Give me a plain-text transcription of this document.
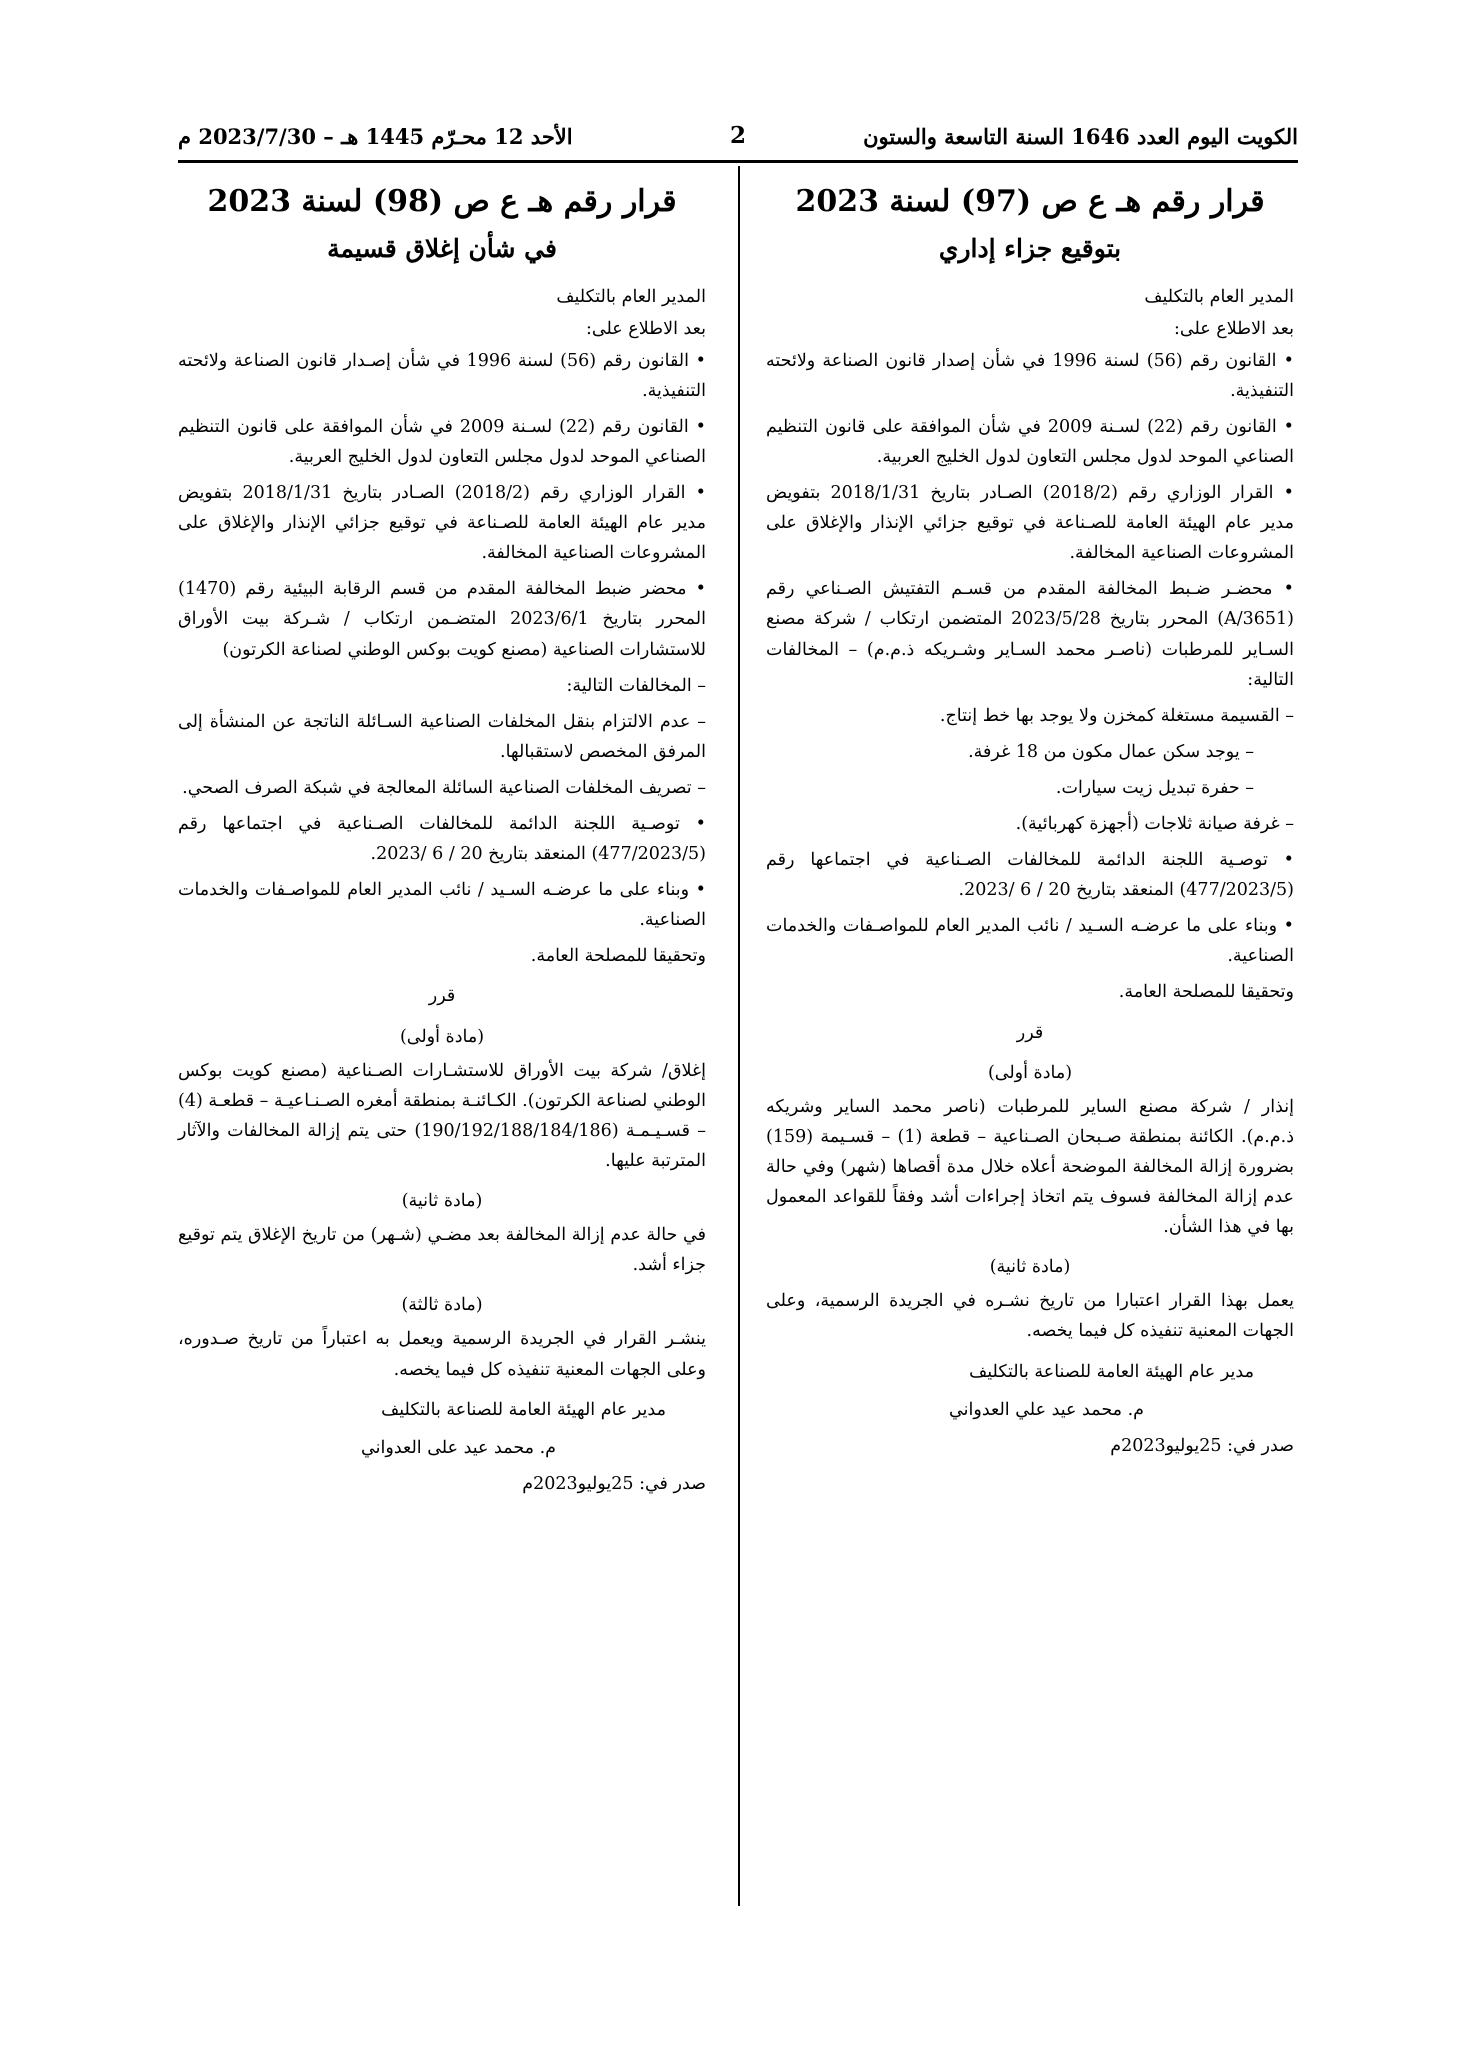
الكويت اليوم العدد 1646 السنة التاسعة والستون
2
الأحد 12 محـرّم 1445 هـ – 2023/7/30 م
قرار رقم هـ ع ص (97) لسنة 2023
بتوقيع جزاء إداري
المدير العام بالتكليف
بعد الاطلاع على:
• القانون رقم (56) لسنة 1996 في شأن إصدار قانون الصناعة ولائحته التنفيذية.
• القانون رقم (22) لسـنة 2009 في شأن الموافقة على قانون التنظيم الصناعي الموحد لدول مجلس التعاون لدول الخليج العربية.
• القرار الوزاري رقم (2018/2) الصـادر بتاريخ 2018/1/31 بتفويض مدير عام الهيئة العامة للصـناعة في توقيع جزائي الإنذار والإغلاق على المشروعات الصناعية المخالفة.
• محضـر ضـبط المخالفة المقدم من قسـم التفتيش الصـناعي رقم (A/3651) المحرر بتاريخ 2023/5/28 المتضمن ارتكاب / شركة مصنع السـاير للمرطبات (ناصـر محمد السـاير وشـريكه ذ.م.م) – المخالفات التالية:
– القسيمة مستغلة كمخزن ولا يوجد بها خط إنتاج.
– يوجد سكن عمال مكون من 18 غرفة.
– حفرة تبديل زيت سيارات.
– غرفة صيانة ثلاجات (أجهزة كهربائية).
• توصـية اللجنة الدائمة للمخالفات الصـناعية في اجتماعها رقم (477/2023/5) المنعقد بتاريخ 20 / 6 /2023.
• وبناء على ما عرضـه السـيد / نائب المدير العام للمواصـفات والخدمات الصناعية.
وتحقيقا للمصلحة العامة.
قرر
(مادة أولى)
إنذار / شركة مصنع الساير للمرطبات (ناصر محمد الساير وشريكه ذ.م.م). الكائنة بمنطقة صـبحان الصـناعية – قطعة (1) – قسـيمة (159) بضرورة إزالة المخالفة الموضحة أعلاه خلال مدة أقصاها (شهر) وفي حالة عدم إزالة المخالفة فسوف يتم اتخاذ إجراءات أشد وفقاً للقواعد المعمول بها في هذا الشأن.
(مادة ثانية)
يعمل بهذا القرار اعتبارا من تاريخ نشـره في الجريدة الرسمية، وعلى الجهات المعنية تنفيذه كل فيما يخصه.
مدير عام الهيئة العامة للصناعة بالتكليف
م. محمد عيد علي العدواني
صدر في: 25يوليو2023م
قرار رقم هـ ع ص (98) لسنة 2023
في شأن إغلاق قسيمة
المدير العام بالتكليف
بعد الاطلاع على:
• القانون رقم (56) لسنة 1996 في شأن إصـدار قانون الصناعة ولائحته التنفيذية.
• القانون رقم (22) لسـنة 2009 في شأن الموافقة على قانون التنظيم الصناعي الموحد لدول مجلس التعاون لدول الخليج العربية.
• القرار الوزاري رقم (2018/2) الصـادر بتاريخ 2018/1/31 بتفويض مدير عام الهيئة العامة للصـناعة في توقيع جزائي الإنذار والإغلاق على المشروعات الصناعية المخالفة.
• محضر ضبط المخالفة المقدم من قسم الرقابة البيئية رقم (1470) المحرر بتاريخ 2023/6/1 المتضـمن ارتكاب / شـركة بيت الأوراق للاستشارات الصناعية (مصنع كويت بوكس الوطني لصناعة الكرتون)
– المخالفات التالية:
– عدم الالتزام بنقل المخلفات الصناعية السـائلة الناتجة عن المنشأة إلى المرفق المخصص لاستقبالها.
– تصريف المخلفات الصناعية السائلة المعالجة في شبكة الصرف الصحي.
• توصـية اللجنة الدائمة للمخالفات الصـناعية في اجتماعها رقم (477/2023/5) المنعقد بتاريخ 20 / 6 /2023.
• وبناء على ما عرضـه السـيد / نائب المدير العام للمواصـفات والخدمات الصناعية.
وتحقيقا للمصلحة العامة.
قرر
(مادة أولى)
إغلاق/ شركة بيت الأوراق للاستشـارات الصـناعية (مصنع كويت بوكس الوطني لصناعة الكرتون). الكـائنـة بمنطقة أمغره الصـنـاعيـة – قطعـة (4) – قسـيـمـة (190/192/188/184/186) حتى يتم إزالة المخالفات والآثار المترتبة عليها.
(مادة ثانية)
في حالة عدم إزالة المخالفة بعد مضـي (شـهر) من تاريخ الإغلاق يتم توقيع جزاء أشد.
(مادة ثالثة)
ينشـر القرار في الجريدة الرسمية ويعمل به اعتباراً من تاريخ صـدوره، وعلى الجهات المعنية تنفيذه كل فيما يخصه.
مدير عام الهيئة العامة للصناعة بالتكليف
م. محمد عيد على العدواني
صدر في: 25يوليو2023م
